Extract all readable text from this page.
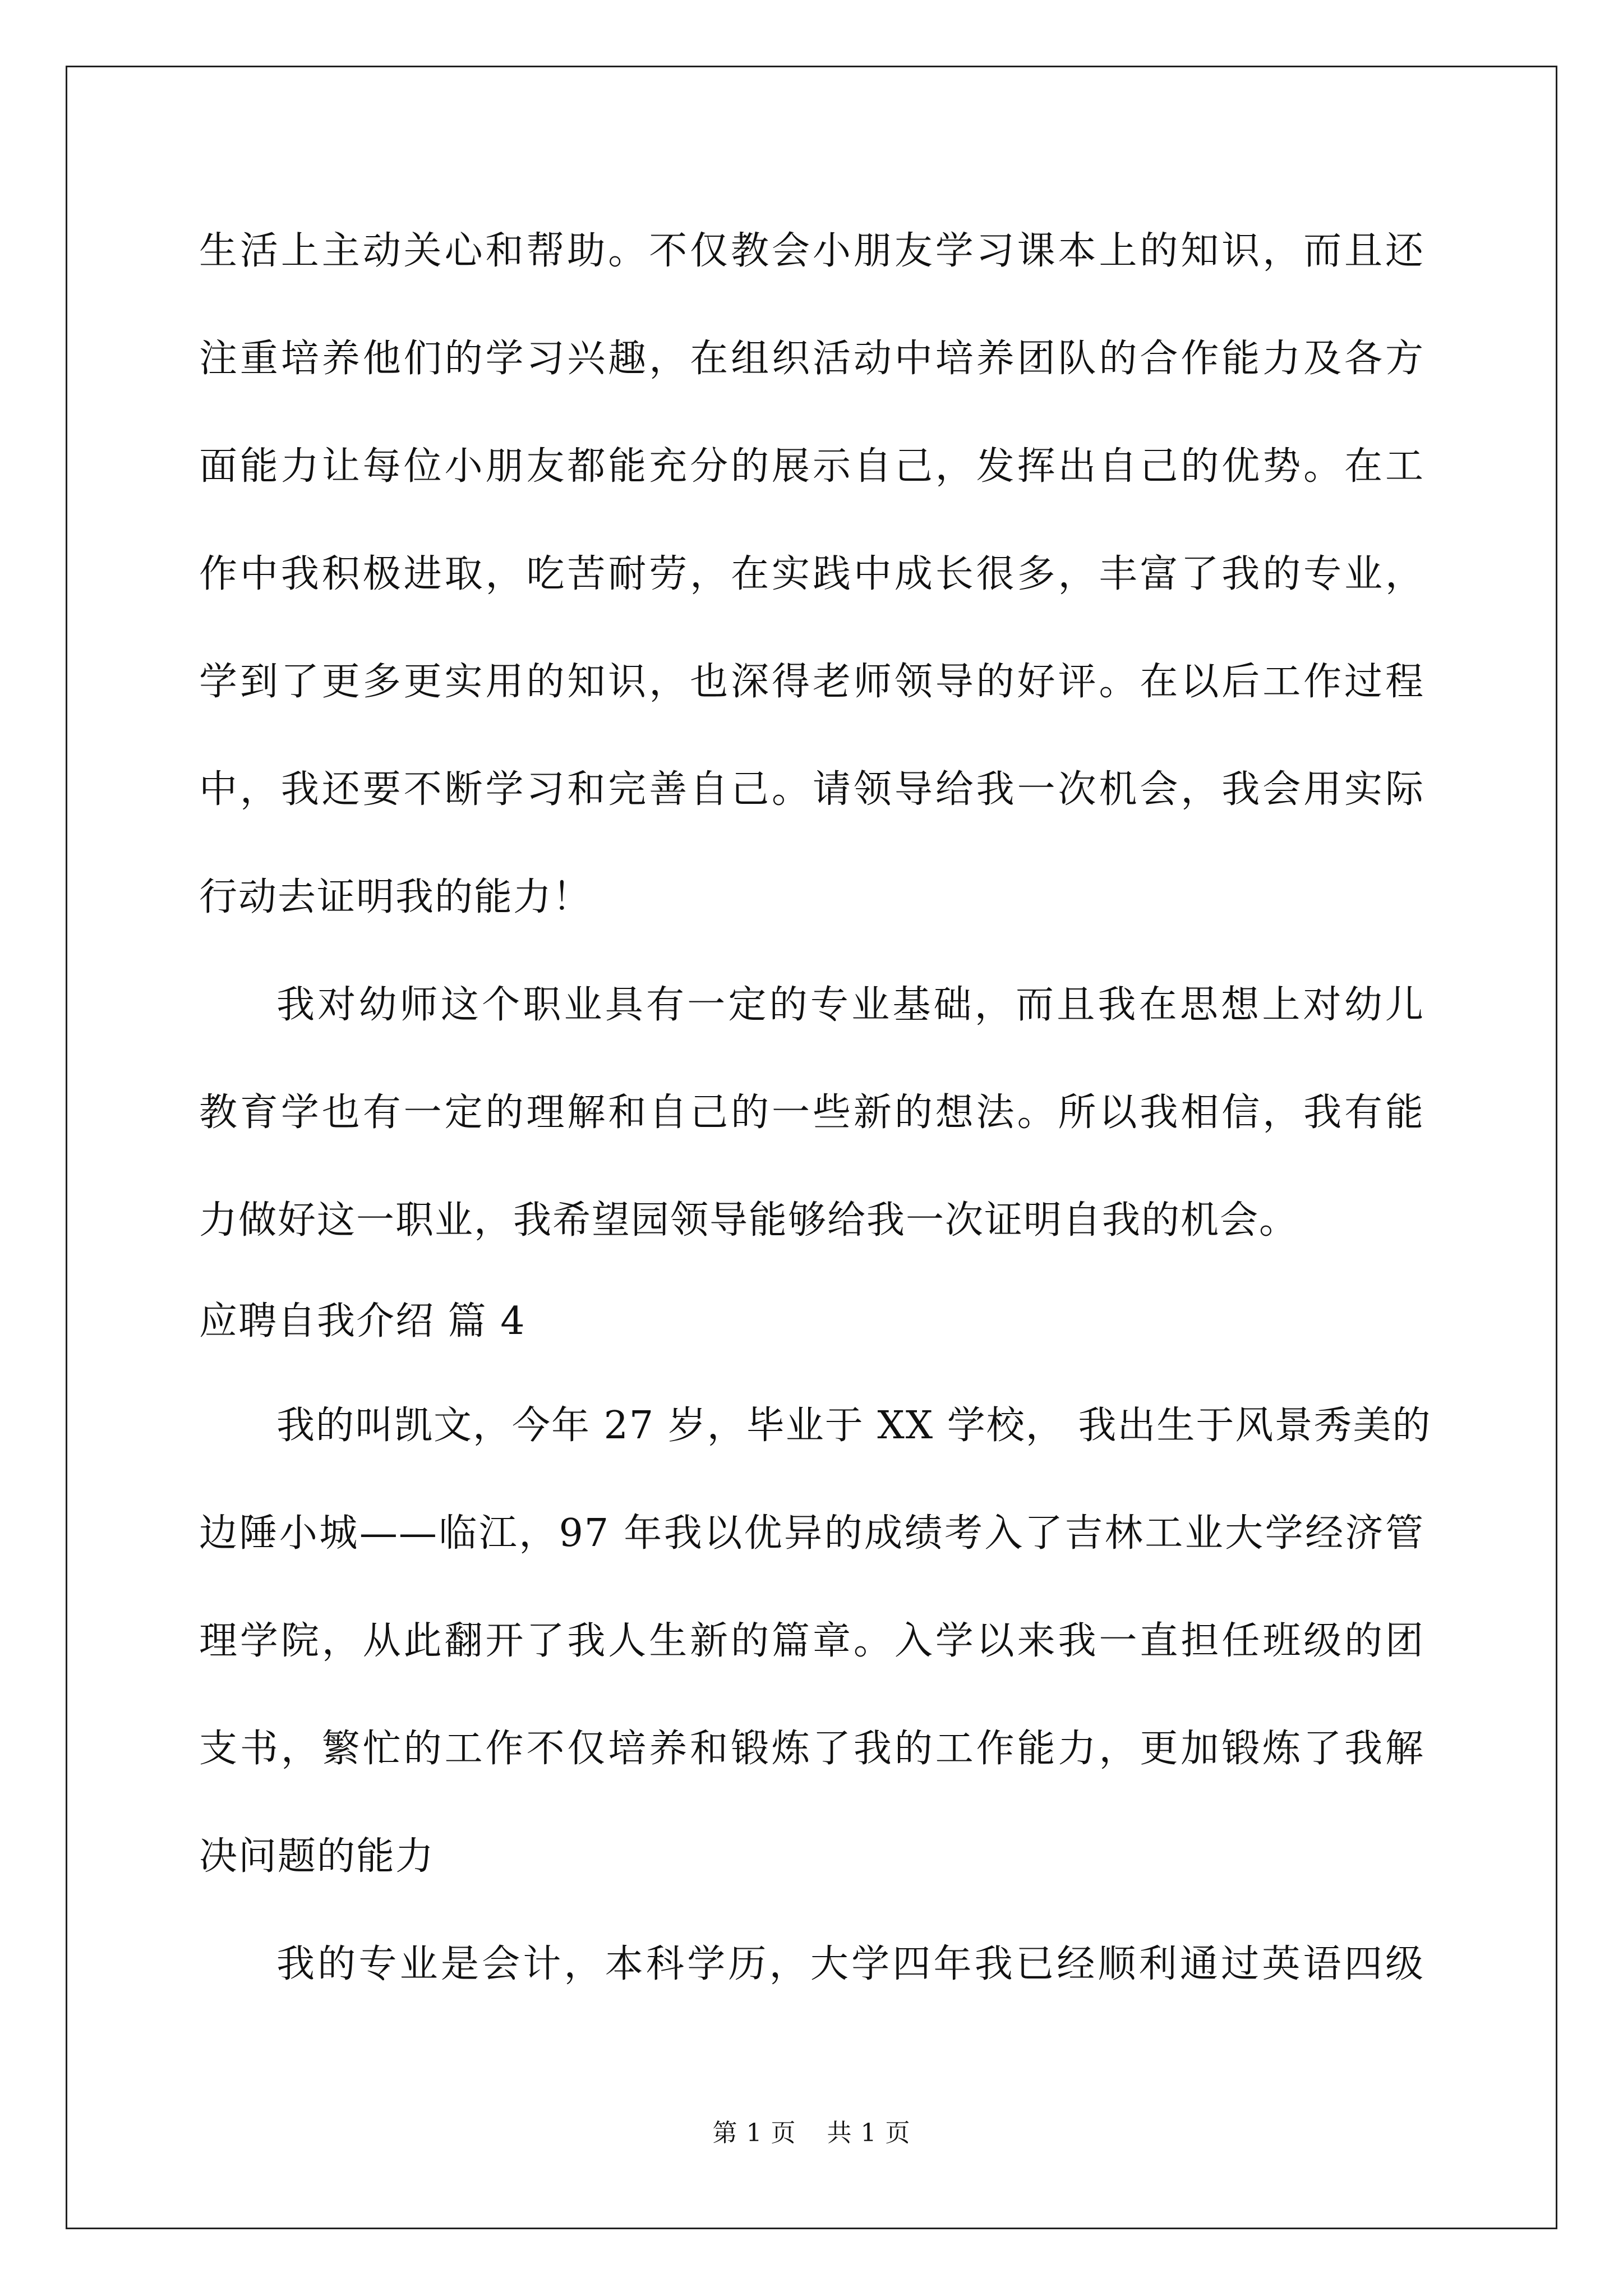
生活上主动关心和帮助。不仅教会小朋友学习课本上的知识，而且还
注重培养他们的学习兴趣，在组织活动中培养团队的合作能力及各方
面能力让每位小朋友都能充分的展示自己，发挥出自己的优势。在工
作中我积极进取，吃苦耐劳，在实践中成长很多，丰富了我的专业，
学到了更多更实用的知识，也深得老师领导的好评。在以后工作过程
中，我还要不断学习和完善自己。请领导给我一次机会，我会用实际
行动去证明我的能力！
我对幼师这个职业具有一定的专业基础，而且我在思想上对幼儿
教育学也有一定的理解和自己的一些新的想法。所以我相信，我有能
力做好这一职业，我希望园领导能够给我一次证明自我的机会。
应聘自我介绍 篇 4
我的叫凯文，今年 27 岁，毕业于 XX 学校， 我出生于风景秀美的
边陲小城——临江，97 年我以优异的成绩考入了吉林工业大学经济管
理学院，从此翻开了我人生新的篇章。入学以来我一直担任班级的团
支书，繁忙的工作不仅培养和锻炼了我的工作能力，更加锻炼了我解
决问题的能力
我的专业是会计，本科学历，大学四年我已经顺利通过英语四级
第 1 页 共 1 页
